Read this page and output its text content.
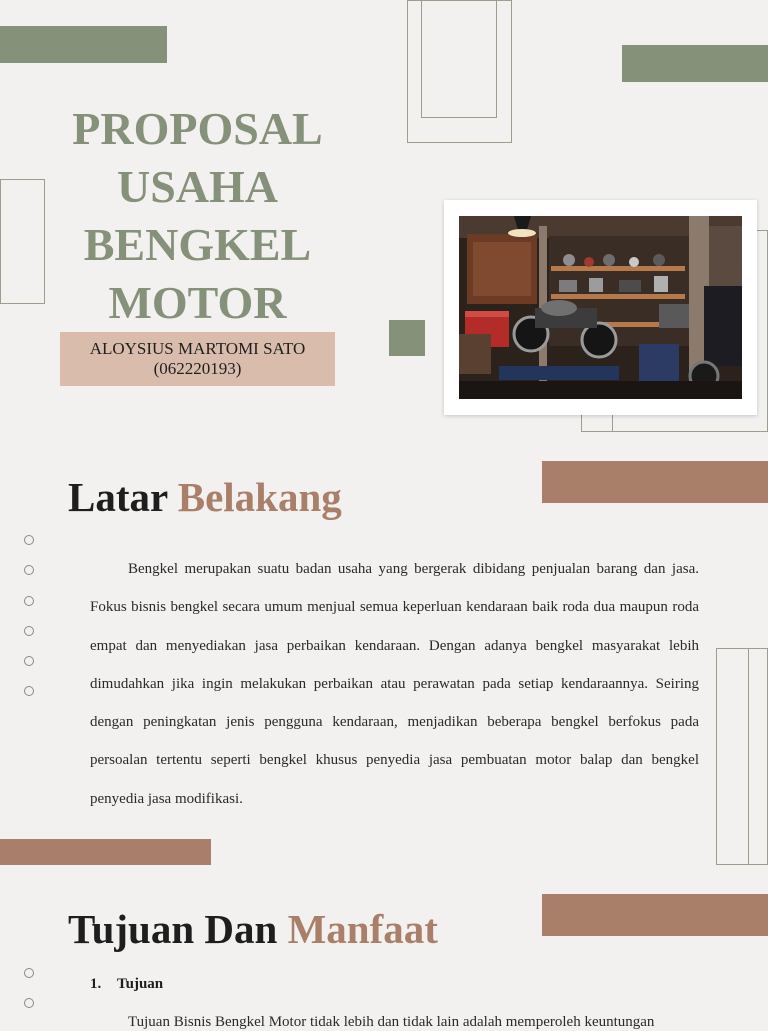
PROPOSAL
USAHA
BENGKEL
MOTOR
ALOYSIUS MARTOMI SATO
(062220193)
Latar Belakang
Bengkel merupakan suatu badan usaha yang bergerak dibidang penjualan barang dan jasa. Fokus bisnis bengkel secara umum menjual semua keperluan kendaraan baik roda dua maupun roda empat dan menyediakan jasa perbaikan kendaraan. Dengan adanya bengkel masyarakat lebih dimudahkan jika ingin melakukan perbaikan atau perawatan pada setiap kendaraannya. Seiring dengan peningkatan jenis pengguna kendaraan, menjadikan beberapa bengkel berfokus pada persoalan tertentu seperti bengkel khusus penyedia jasa pembuatan motor balap dan bengkel penyedia jasa modifikasi.
Tujuan Dan Manfaat
1. Tujuan
Tujuan Bisnis Bengkel Motor tidak lebih dan tidak lain adalah memperoleh keuntungan
